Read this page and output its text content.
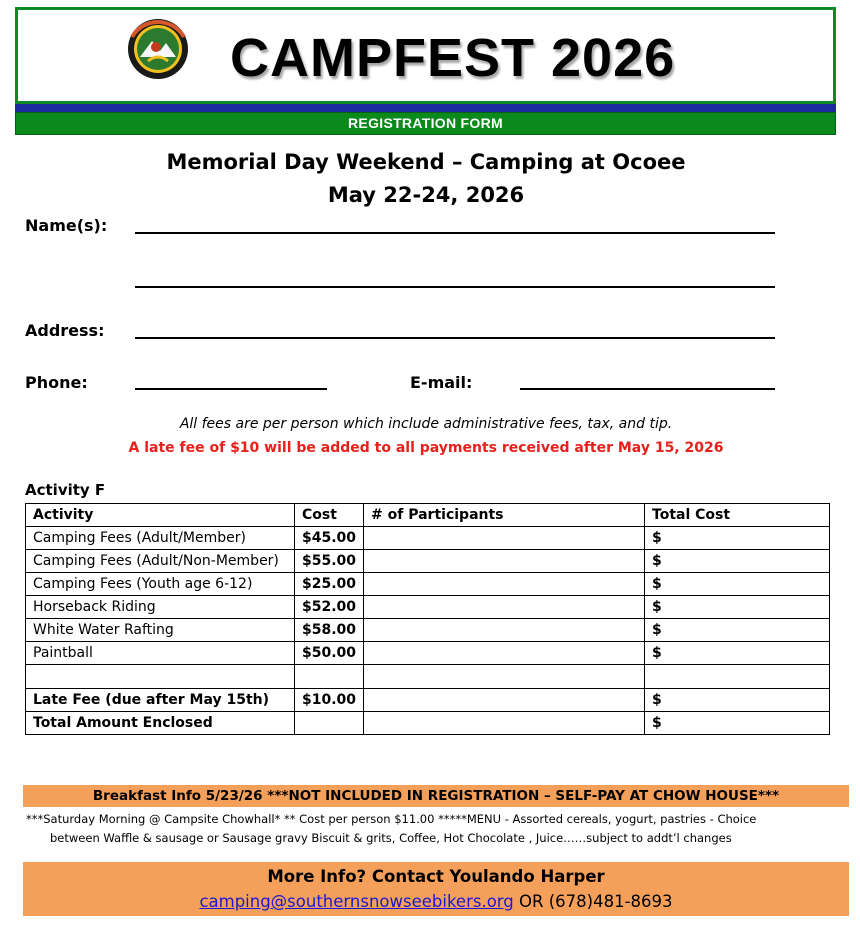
CAMPFEST 2026
REGISTRATION FORM
Memorial Day Weekend – Camping at Ocoee
May 22-24, 2026
Name(s):
Address:
Phone:	E-mail:
All fees are per person which include administrative fees, tax, and tip.
A late fee of $10 will be added to all payments received after May 15, 2026
Activity F
Activity	Cost	# of Participants	Total Cost
Camping Fees (Adult/Member)	$45.00		$
Camping Fees (Adult/Non-Member)	$55.00		$
Camping Fees (Youth age 6-12)	$25.00		$
Horseback Riding	$52.00		$
White Water Rafting	$58.00		$
Paintball	$50.00		$

Late Fee (due after May 15th)	$10.00		$
Total Amount Enclosed			$
Breakfast Info 5/23/26 ***NOT INCLUDED IN REGISTRATION – SELF-PAY AT CHOW HOUSE***
***Saturday Morning @ Campsite Chowhall* ** Cost per person $11.00 *****MENU - Assorted cereals, yogurt, pastries - Choice
between Waffle & sausage or Sausage gravy Biscuit & grits, Coffee, Hot Chocolate , Juice……subject to addt’l changes
More Info? Contact Youlando Harper
camping@southernsnowseebikers.org OR (678)481-8693
